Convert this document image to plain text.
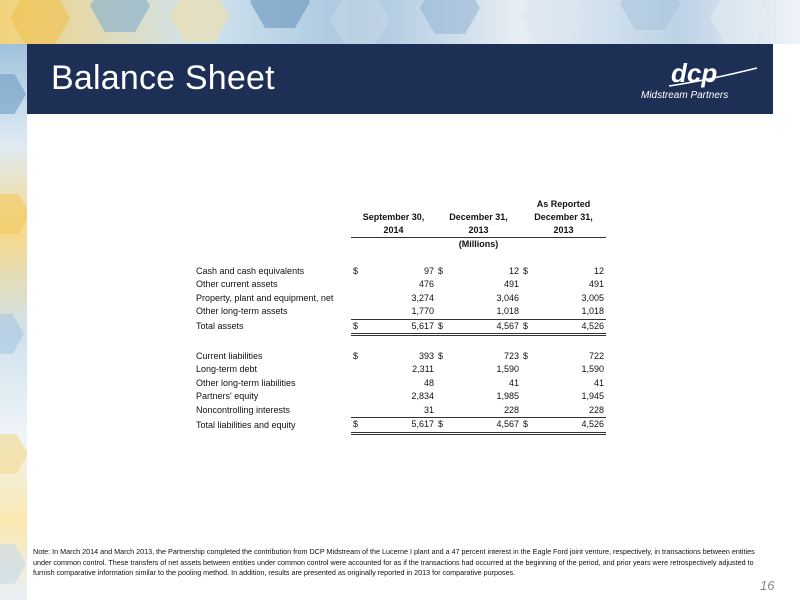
Balance Sheet	dcp
Midstream Partners
					As Reported	
	September 30,		December 31,		December 31,	
	2014		2013		2013	
	(Millions)					

Cash and cash equivalents	$	97	$	12	$	12
Other current assets		476		491		491
Property, plant and equipment, net		3,274		3,046		3,005
Other long-term assets		1,770		1,018		1,018
Total assets	$	5,617	$	4,567	$	4,526

Current liabilities	$	393	$	723	$	722
Long-term debt		2,311		1,590		1,590
Other long-term liabilities		48		41		41
Partners' equity		2,834		1,985		1,945
Noncontrolling interests		31		228		228
Total liabilities and equity	$	5,617	$	4,567	$	4,526
Note: In March 2014 and March 2013, the Partnership completed the contribution from DCP Midstream of the Lucerne I plant and a 47 percent interest in the Eagle Ford joint venture, respectively, in transactions between entities under common control. These transfers of net assets between entities under common control were accounted for as if the transactions had occurred at the beginning of the period, and prior years were retrospectively adjusted to furnish comparative information similar to the pooling method. In addition, results are presented as originally reported in 2013 for comparative purposes.
16
